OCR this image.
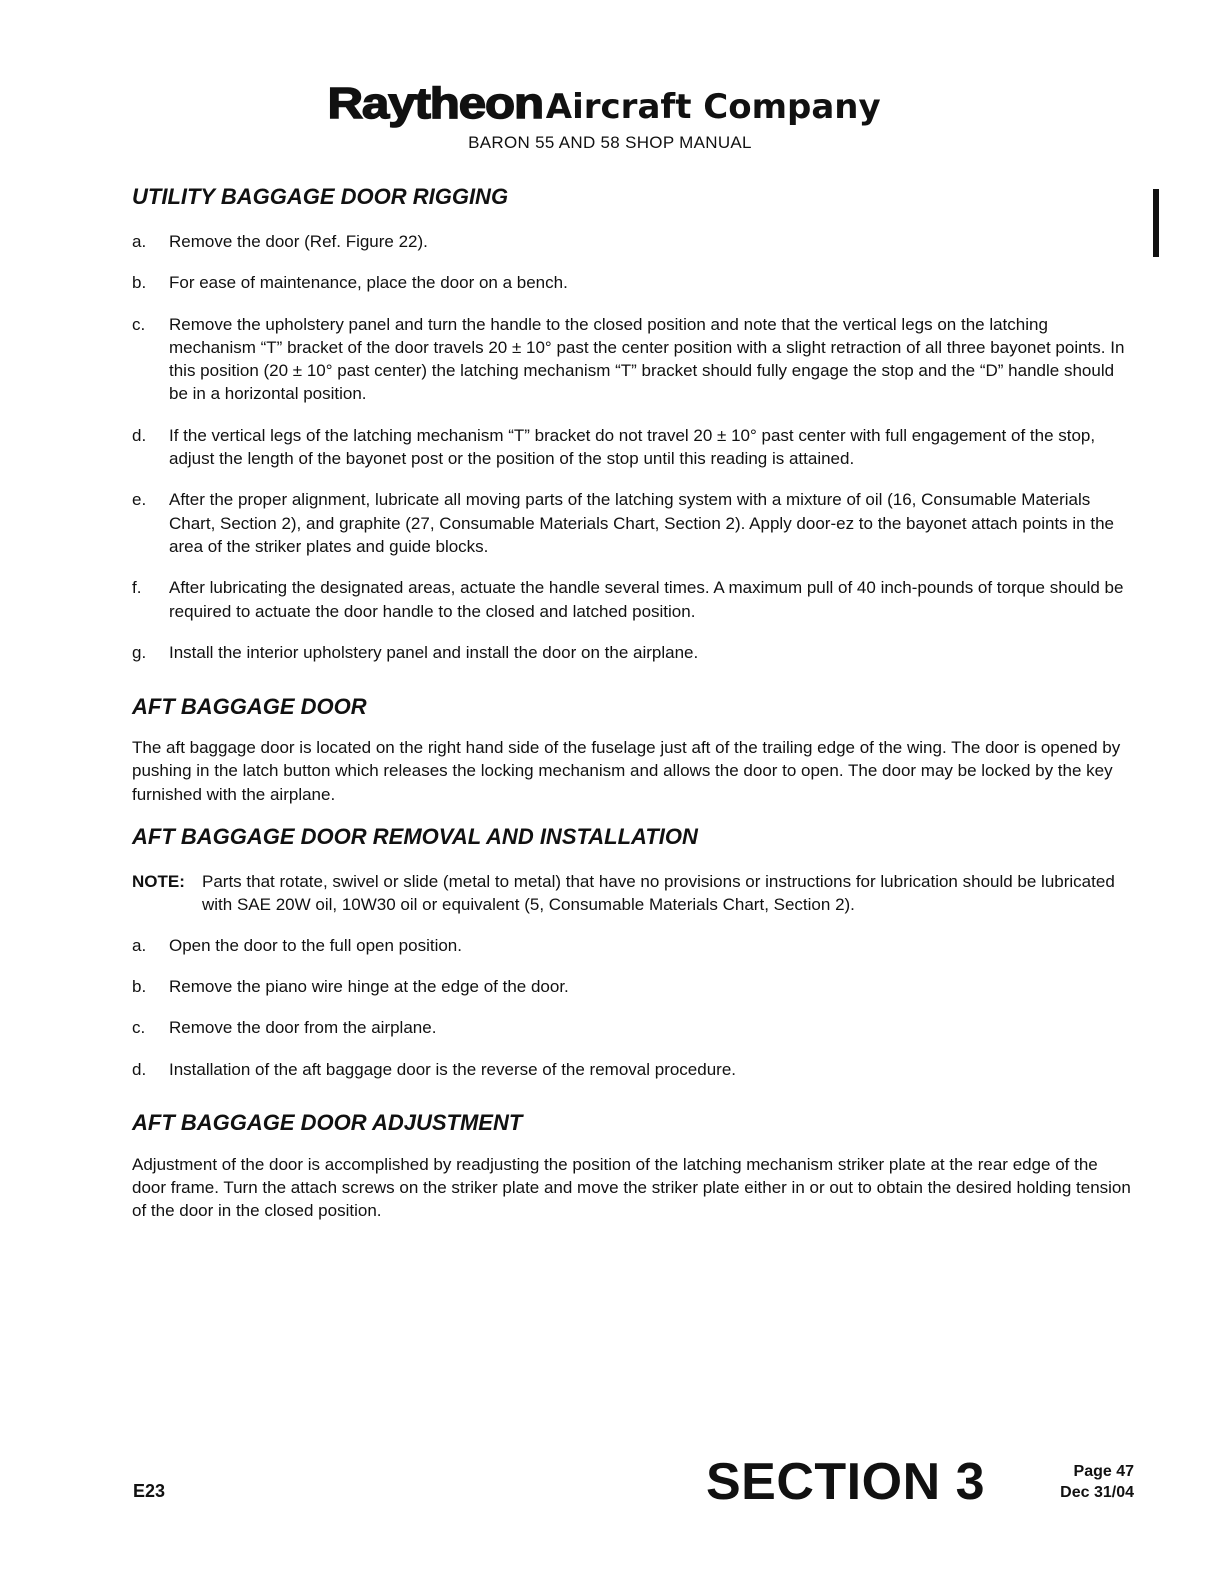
RaytheonAircraft Company
BARON 55 AND 58 SHOP MANUAL
UTILITY BAGGAGE DOOR RIGGING
a. Remove the door (Ref. Figure 22).
b. For ease of maintenance, place the door on a bench.
c. Remove the upholstery panel and turn the handle to the closed position and note that the vertical legs on the latching mechanism “T” bracket of the door travels 20 ± 10° past the center position with a slight retraction of all three bayonet points. In this position (20 ± 10° past center) the latching mechanism “T” bracket should fully engage the stop and the “D” handle should be in a horizontal position.
d. If the vertical legs of the latching mechanism “T” bracket do not travel 20 ± 10° past center with full engagement of the stop, adjust the length of the bayonet post or the position of the stop until this reading is attained.
e. After the proper alignment, lubricate all moving parts of the latching system with a mixture of oil (16, Consumable Materials Chart, Section 2), and graphite (27, Consumable Materials Chart, Section 2). Apply door-ez to the bayonet attach points in the area of the striker plates and guide blocks.
f. After lubricating the designated areas, actuate the handle several times. A maximum pull of 40 inch-pounds of torque should be required to actuate the door handle to the closed and latched position.
g. Install the interior upholstery panel and install the door on the airplane.
AFT BAGGAGE DOOR

The aft baggage door is located on the right hand side of the fuselage just aft of the trailing edge of the wing. The door is opened by pushing in the latch button which releases the locking mechanism and allows the door to open. The door may be locked by the key furnished with the airplane.

AFT BAGGAGE DOOR REMOVAL AND INSTALLATION
NOTE: Parts that rotate, swivel or slide (metal to metal) that have no provisions or instructions for lubrication should be lubricated with SAE 20W oil, 10W30 oil or equivalent (5, Consumable Materials Chart, Section 2).
a. Open the door to the full open position.
b. Remove the piano wire hinge at the edge of the door.
c. Remove the door from the airplane.
d. Installation of the aft baggage door is the reverse of the removal procedure.
AFT BAGGAGE DOOR ADJUSTMENT

Adjustment of the door is accomplished by readjusting the position of the latching mechanism striker plate at the rear edge of the door frame. Turn the attach screws on the striker plate and move the striker plate either in or out to obtain the desired holding tension of the door in the closed position.

E23	SECTION 3	Page 47
Dec 31/04
